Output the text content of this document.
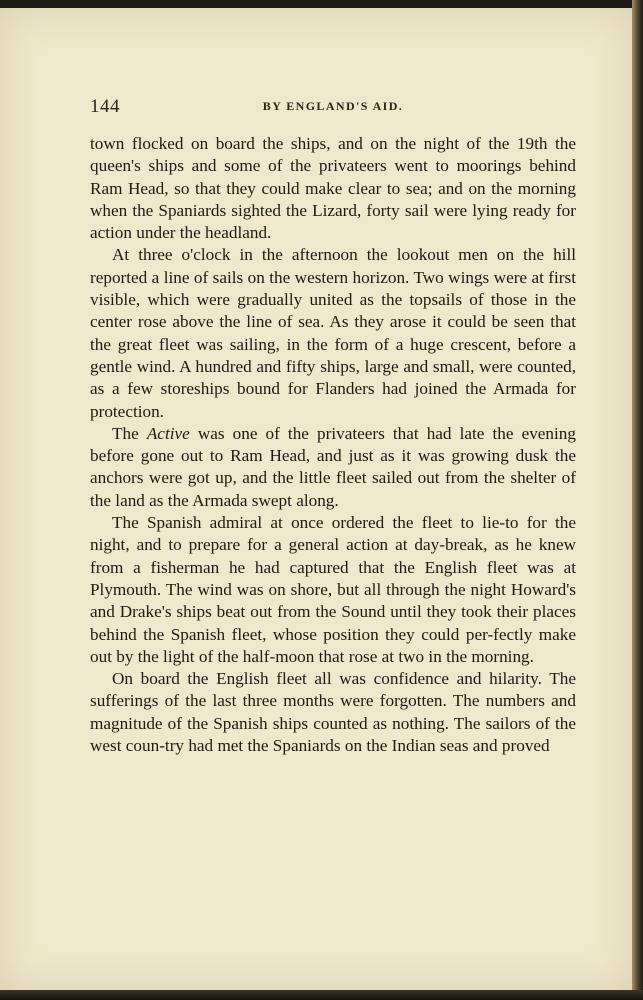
144	BY ENGLAND'S AID.

town flocked on board the ships, and on the night of the 19th the queen's ships and some of the privateers went to moorings behind Ram Head, so that they could make clear to sea; and on the morning when the Spaniards sighted the Lizard, forty sail were lying ready for action under the headland.

At three o'clock in the afternoon the lookout men on the hill reported a line of sails on the western horizon. Two wings were at first visible, which were gradually united as the topsails of those in the center rose above the line of sea. As they arose it could be seen that the great fleet was sailing, in the form of a huge crescent, before a gentle wind. A hundred and fifty ships, large and small, were counted, as a few storeships bound for Flanders had joined the Armada for protection.

The Active was one of the privateers that had late the evening before gone out to Ram Head, and just as it was growing dusk the anchors were got up, and the little fleet sailed out from the shelter of the land as the Armada swept along.

The Spanish admiral at once ordered the fleet to lie-to for the night, and to prepare for a general action at day-break, as he knew from a fisherman he had captured that the English fleet was at Plymouth. The wind was on shore, but all through the night Howard's and Drake's ships beat out from the Sound until they took their places behind the Spanish fleet, whose position they could per-fectly make out by the light of the half-moon that rose at two in the morning.

On board the English fleet all was confidence and hilarity. The sufferings of the last three months were forgotten. The numbers and magnitude of the Spanish ships counted as nothing. The sailors of the west coun-try had met the Spaniards on the Indian seas and proved
